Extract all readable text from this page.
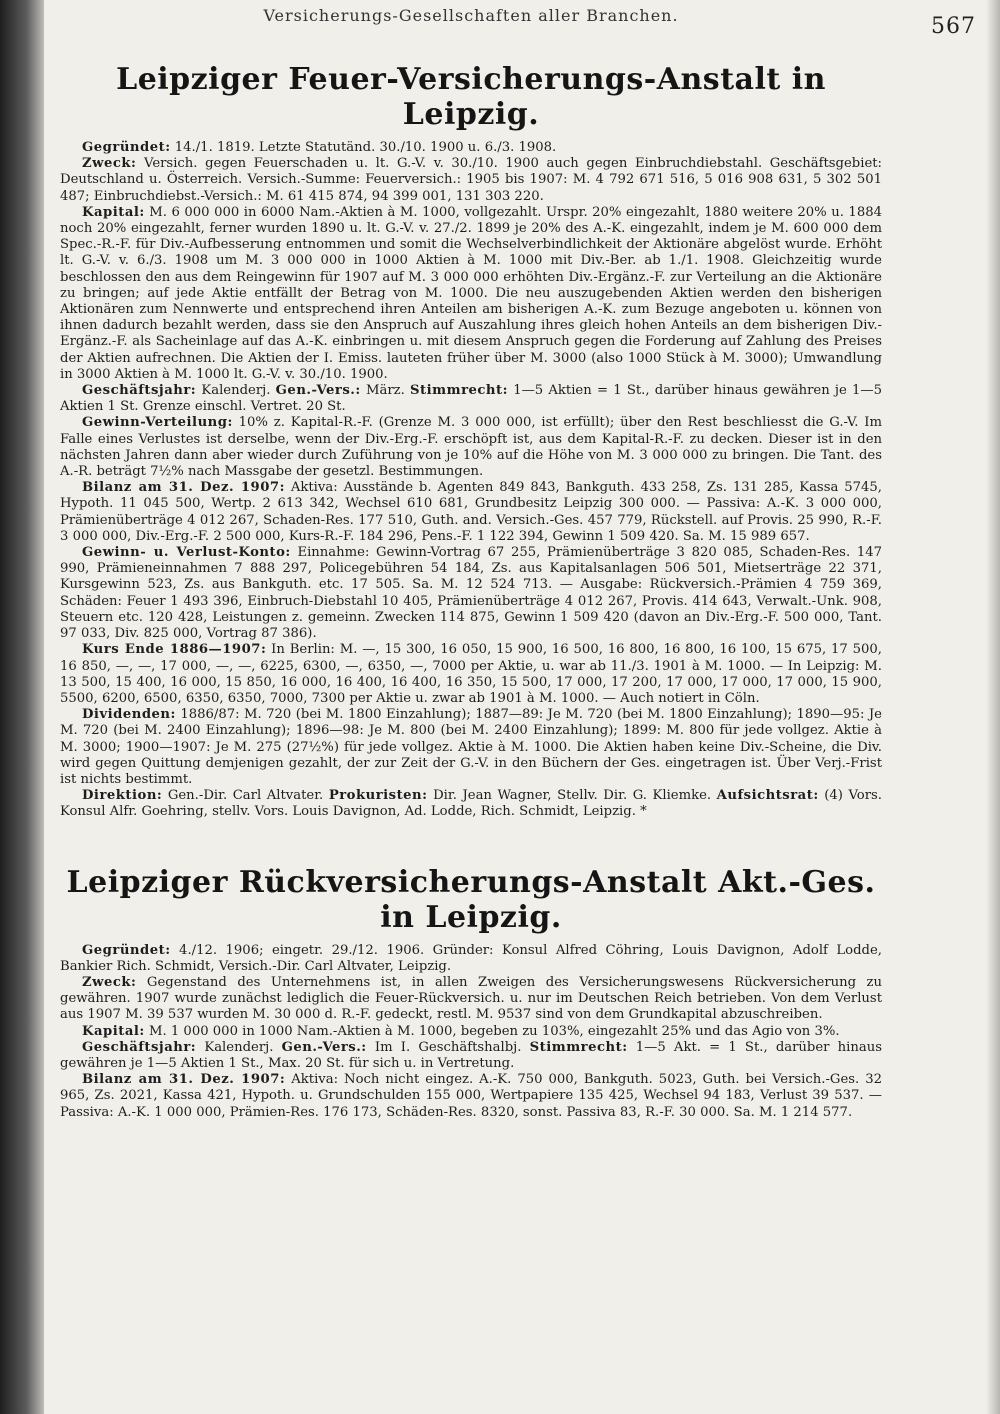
Versicherungs-Gesellschaften aller Branchen.	567
Leipziger Feuer-Versicherungs-Anstalt in Leipzig.

Gegründet: 14./1. 1819. Letzte Statutänd. 30./10. 1900 u. 6./3. 1908.

Zweck: Versich. gegen Feuerschaden u. lt. G.-V. v. 30./10. 1900 auch gegen Einbruchdiebstahl. Geschäftsgebiet: Deutschland u. Österreich. Versich.-Summe: Feuerversich.: 1905 bis 1907: M. 4 792 671 516, 5 016 908 631, 5 302 501 487; Einbruchdiebst.-Versich.: M. 61 415 874, 94 399 001, 131 303 220.

Kapital: M. 6 000 000 in 6000 Nam.-Aktien à M. 1000, vollgezahlt. Urspr. 20% eingezahlt, 1880 weitere 20% u. 1884 noch 20% eingezahlt, ferner wurden 1890 u. lt. G.-V. v. 27./2. 1899 je 20% des A.-K. eingezahlt, indem je M. 600 000 dem Spec.-R.-F. für Div.-Aufbesserung entnommen und somit die Wechselverbindlichkeit der Aktionäre abgelöst wurde. Erhöht lt. G.-V. v. 6./3. 1908 um M. 3 000 000 in 1000 Aktien à M. 1000 mit Div.-Ber. ab 1./1. 1908. Gleichzeitig wurde beschlossen den aus dem Reingewinn für 1907 auf M. 3 000 000 erhöhten Div.-Ergänz.-F. zur Verteilung an die Aktionäre zu bringen; auf jede Aktie entfällt der Betrag von M. 1000. Die neu auszugebenden Aktien werden den bisherigen Aktionären zum Nennwerte und entsprechend ihren Anteilen am bisherigen A.-K. zum Bezuge angeboten u. können von ihnen dadurch bezahlt werden, dass sie den Anspruch auf Auszahlung ihres gleich hohen Anteils an dem bisherigen Div.-Ergänz.-F. als Sacheinlage auf das A.-K. einbringen u. mit diesem Anspruch gegen die Forderung auf Zahlung des Preises der Aktien aufrechnen. Die Aktien der I. Emiss. lauteten früher über M. 3000 (also 1000 Stück à M. 3000); Umwandlung in 3000 Aktien à M. 1000 lt. G.-V. v. 30./10. 1900.

Geschäftsjahr: Kalenderj. Gen.-Vers.: März. Stimmrecht: 1—5 Aktien = 1 St., darüber hinaus gewähren je 1—5 Aktien 1 St. Grenze einschl. Vertret. 20 St.

Gewinn-Verteilung: 10% z. Kapital-R.-F. (Grenze M. 3 000 000, ist erfüllt); über den Rest beschliesst die G.-V. Im Falle eines Verlustes ist derselbe, wenn der Div.-Erg.-F. erschöpft ist, aus dem Kapital-R.-F. zu decken. Dieser ist in den nächsten Jahren dann aber wieder durch Zuführung von je 10% auf die Höhe von M. 3 000 000 zu bringen. Die Tant. des A.-R. beträgt 7½% nach Massgabe der gesetzl. Bestimmungen.

Bilanz am 31. Dez. 1907: Aktiva: Ausstände b. Agenten 849 843, Bankguth. 433 258, Zs. 131 285, Kassa 5745, Hypoth. 11 045 500, Wertp. 2 613 342, Wechsel 610 681, Grundbesitz Leipzig 300 000. — Passiva: A.-K. 3 000 000, Prämienüberträge 4 012 267, Schaden-Res. 177 510, Guth. and. Versich.-Ges. 457 779, Rückstell. auf Provis. 25 990, R.-F. 3 000 000, Div.-Erg.-F. 2 500 000, Kurs-R.-F. 184 296, Pens.-F. 1 122 394, Gewinn 1 509 420. Sa. M. 15 989 657.

Gewinn- u. Verlust-Konto: Einnahme: Gewinn-Vortrag 67 255, Prämienüberträge 3 820 085, Schaden-Res. 147 990, Prämieneinnahmen 7 888 297, Policegebühren 54 184, Zs. aus Kapitalsanlagen 506 501, Mietserträge 22 371, Kursgewinn 523, Zs. aus Bankguth. etc. 17 505. Sa. M. 12 524 713. — Ausgabe: Rückversich.-Prämien 4 759 369, Schäden: Feuer 1 493 396, Einbruch-Diebstahl 10 405, Prämienüberträge 4 012 267, Provis. 414 643, Verwalt.-Unk. 908, Steuern etc. 120 428, Leistungen z. gemeinn. Zwecken 114 875, Gewinn 1 509 420 (davon an Div.-Erg.-F. 500 000, Tant. 97 033, Div. 825 000, Vortrag 87 386).

Kurs Ende 1886—1907: In Berlin: M. —, 15 300, 16 050, 15 900, 16 500, 16 800, 16 800, 16 100, 15 675, 17 500, 16 850, —, —, 17 000, —, —, 6225, 6300, —, 6350, —, 7000 per Aktie, u. war ab 11./3. 1901 à M. 1000. — In Leipzig: M. 13 500, 15 400, 16 000, 15 850, 16 000, 16 400, 16 400, 16 350, 15 500, 17 000, 17 200, 17 000, 17 000, 17 000, 15 900, 5500, 6200, 6500, 6350, 6350, 7000, 7300 per Aktie u. zwar ab 1901 à M. 1000. — Auch notiert in Cöln.

Dividenden: 1886/87: M. 720 (bei M. 1800 Einzahlung); 1887—89: Je M. 720 (bei M. 1800 Einzahlung); 1890—95: Je M. 720 (bei M. 2400 Einzahlung); 1896—98: Je M. 800 (bei M. 2400 Einzahlung); 1899: M. 800 für jede vollgez. Aktie à M. 3000; 1900—1907: Je M. 275 (27½%) für jede vollgez. Aktie à M. 1000. Die Aktien haben keine Div.-Scheine, die Div. wird gegen Quittung demjenigen gezahlt, der zur Zeit der G.-V. in den Büchern der Ges. eingetragen ist. Über Verj.-Frist ist nichts bestimmt.

Direktion: Gen.-Dir. Carl Altvater. Prokuristen: Dir. Jean Wagner, Stellv. Dir. G. Kliemke. Aufsichtsrat: (4) Vors. Konsul Alfr. Goehring, stellv. Vors. Louis Davignon, Ad. Lodde, Rich. Schmidt, Leipzig. *

Leipziger Rückversicherungs-Anstalt Akt.-Ges. in Leipzig.

Gegründet: 4./12. 1906; eingetr. 29./12. 1906. Gründer: Konsul Alfred Cöhring, Louis Davignon, Adolf Lodde, Bankier Rich. Schmidt, Versich.-Dir. Carl Altvater, Leipzig.

Zweck: Gegenstand des Unternehmens ist, in allen Zweigen des Versicherungswesens Rückversicherung zu gewähren. 1907 wurde zunächst lediglich die Feuer-Rückversich. u. nur im Deutschen Reich betrieben. Von dem Verlust aus 1907 M. 39 537 wurden M. 30 000 d. R.-F. gedeckt, restl. M. 9537 sind von dem Grundkapital abzuschreiben.

Kapital: M. 1 000 000 in 1000 Nam.-Aktien à M. 1000, begeben zu 103%, eingezahlt 25% und das Agio von 3%.

Geschäftsjahr: Kalenderj. Gen.-Vers.: Im I. Geschäftshalbj. Stimmrecht: 1—5 Akt. = 1 St., darüber hinaus gewähren je 1—5 Aktien 1 St., Max. 20 St. für sich u. in Vertretung.

Bilanz am 31. Dez. 1907: Aktiva: Noch nicht eingez. A.-K. 750 000, Bankguth. 5023, Guth. bei Versich.-Ges. 32 965, Zs. 2021, Kassa 421, Hypoth. u. Grundschulden 155 000, Wertpapiere 135 425, Wechsel 94 183, Verlust 39 537. — Passiva: A.-K. 1 000 000, Prämien-Res. 176 173, Schäden-Res. 8320, sonst. Passiva 83, R.-F. 30 000. Sa. M. 1 214 577.
